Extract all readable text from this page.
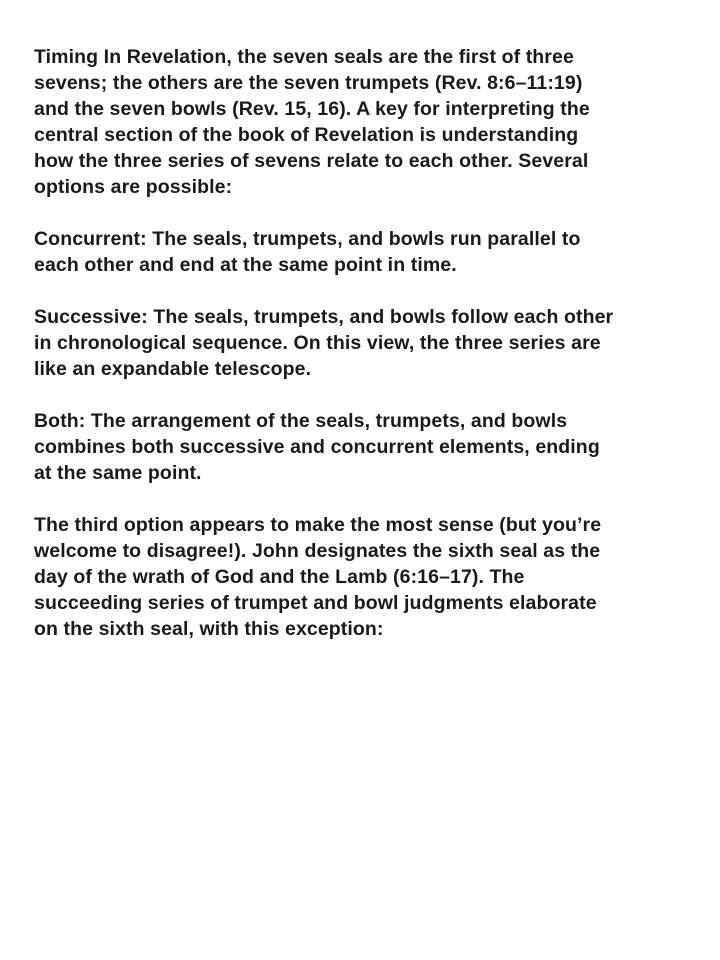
Timing In Revelation, the seven seals are the first of three
sevens; the others are the seven trumpets (Rev. 8:6–11:19)
and the seven bowls (Rev. 15, 16). A key for interpreting the
central section of the book of Revelation is understanding
how the three series of sevens relate to each other. Several
options are possible:

Concurrent: The seals, trumpets, and bowls run parallel to
each other and end at the same point in time.

Successive: The seals, trumpets, and bowls follow each other
in chronological sequence. On this view, the three series are
like an expandable telescope.

Both: The arrangement of the seals, trumpets, and bowls
combines both successive and concurrent elements, ending
at the same point.

The third option appears to make the most sense (but you’re
welcome to disagree!). John designates the sixth seal as the
day of the wrath of God and the Lamb (6:16–17). The
succeeding series of trumpet and bowl judgments elaborate
on the sixth seal, with this exception:
